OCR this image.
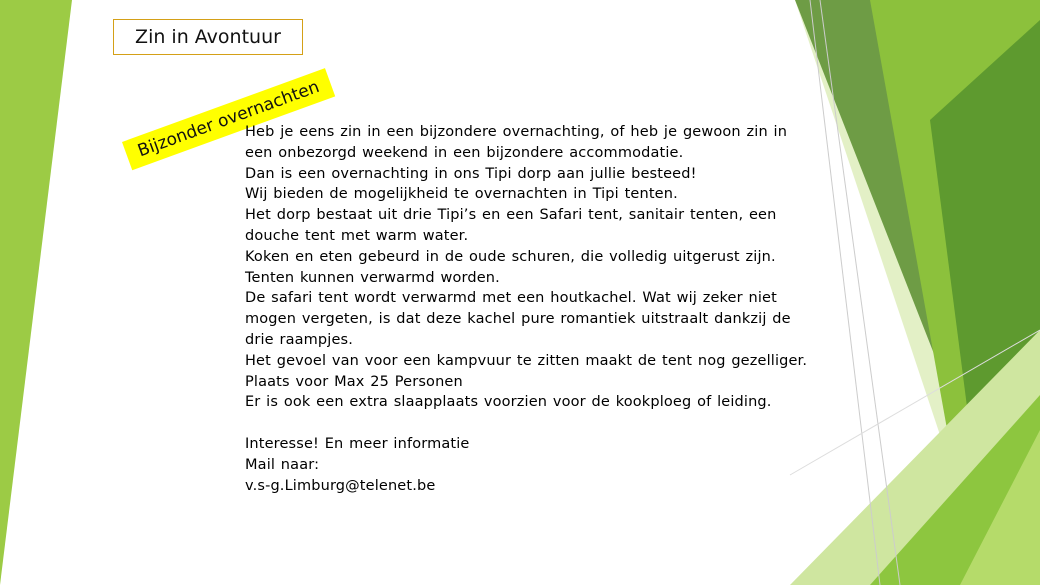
Zin in Avontuur
Bijzonder overnachten
Heb je eens zin in een bijzondere overnachting, of heb je gewoon zin in
een onbezorgd weekend in een bijzondere accommodatie.
Dan is een overnachting in ons Tipi dorp aan jullie besteed!
Wij bieden de mogelijkheid te overnachten in Tipi tenten.
Het dorp bestaat uit drie Tipi’s en een Safari tent, sanitair tenten, een
douche tent met warm water.
Koken en eten gebeurd in de oude schuren, die volledig uitgerust zijn.
Tenten kunnen verwarmd worden.
De safari tent wordt verwarmd met een houtkachel. Wat wij zeker niet
mogen vergeten, is dat deze kachel pure romantiek uitstraalt dankzij de
drie raampjes.
Het gevoel van voor een kampvuur te zitten maakt de tent nog gezelliger.
Plaats voor Max 25 Personen
Er is ook een extra slaapplaats voorzien voor de kookploeg of leiding.
Interesse! En meer informatie
Mail naar:
v.s-g.Limburg@telenet.be
